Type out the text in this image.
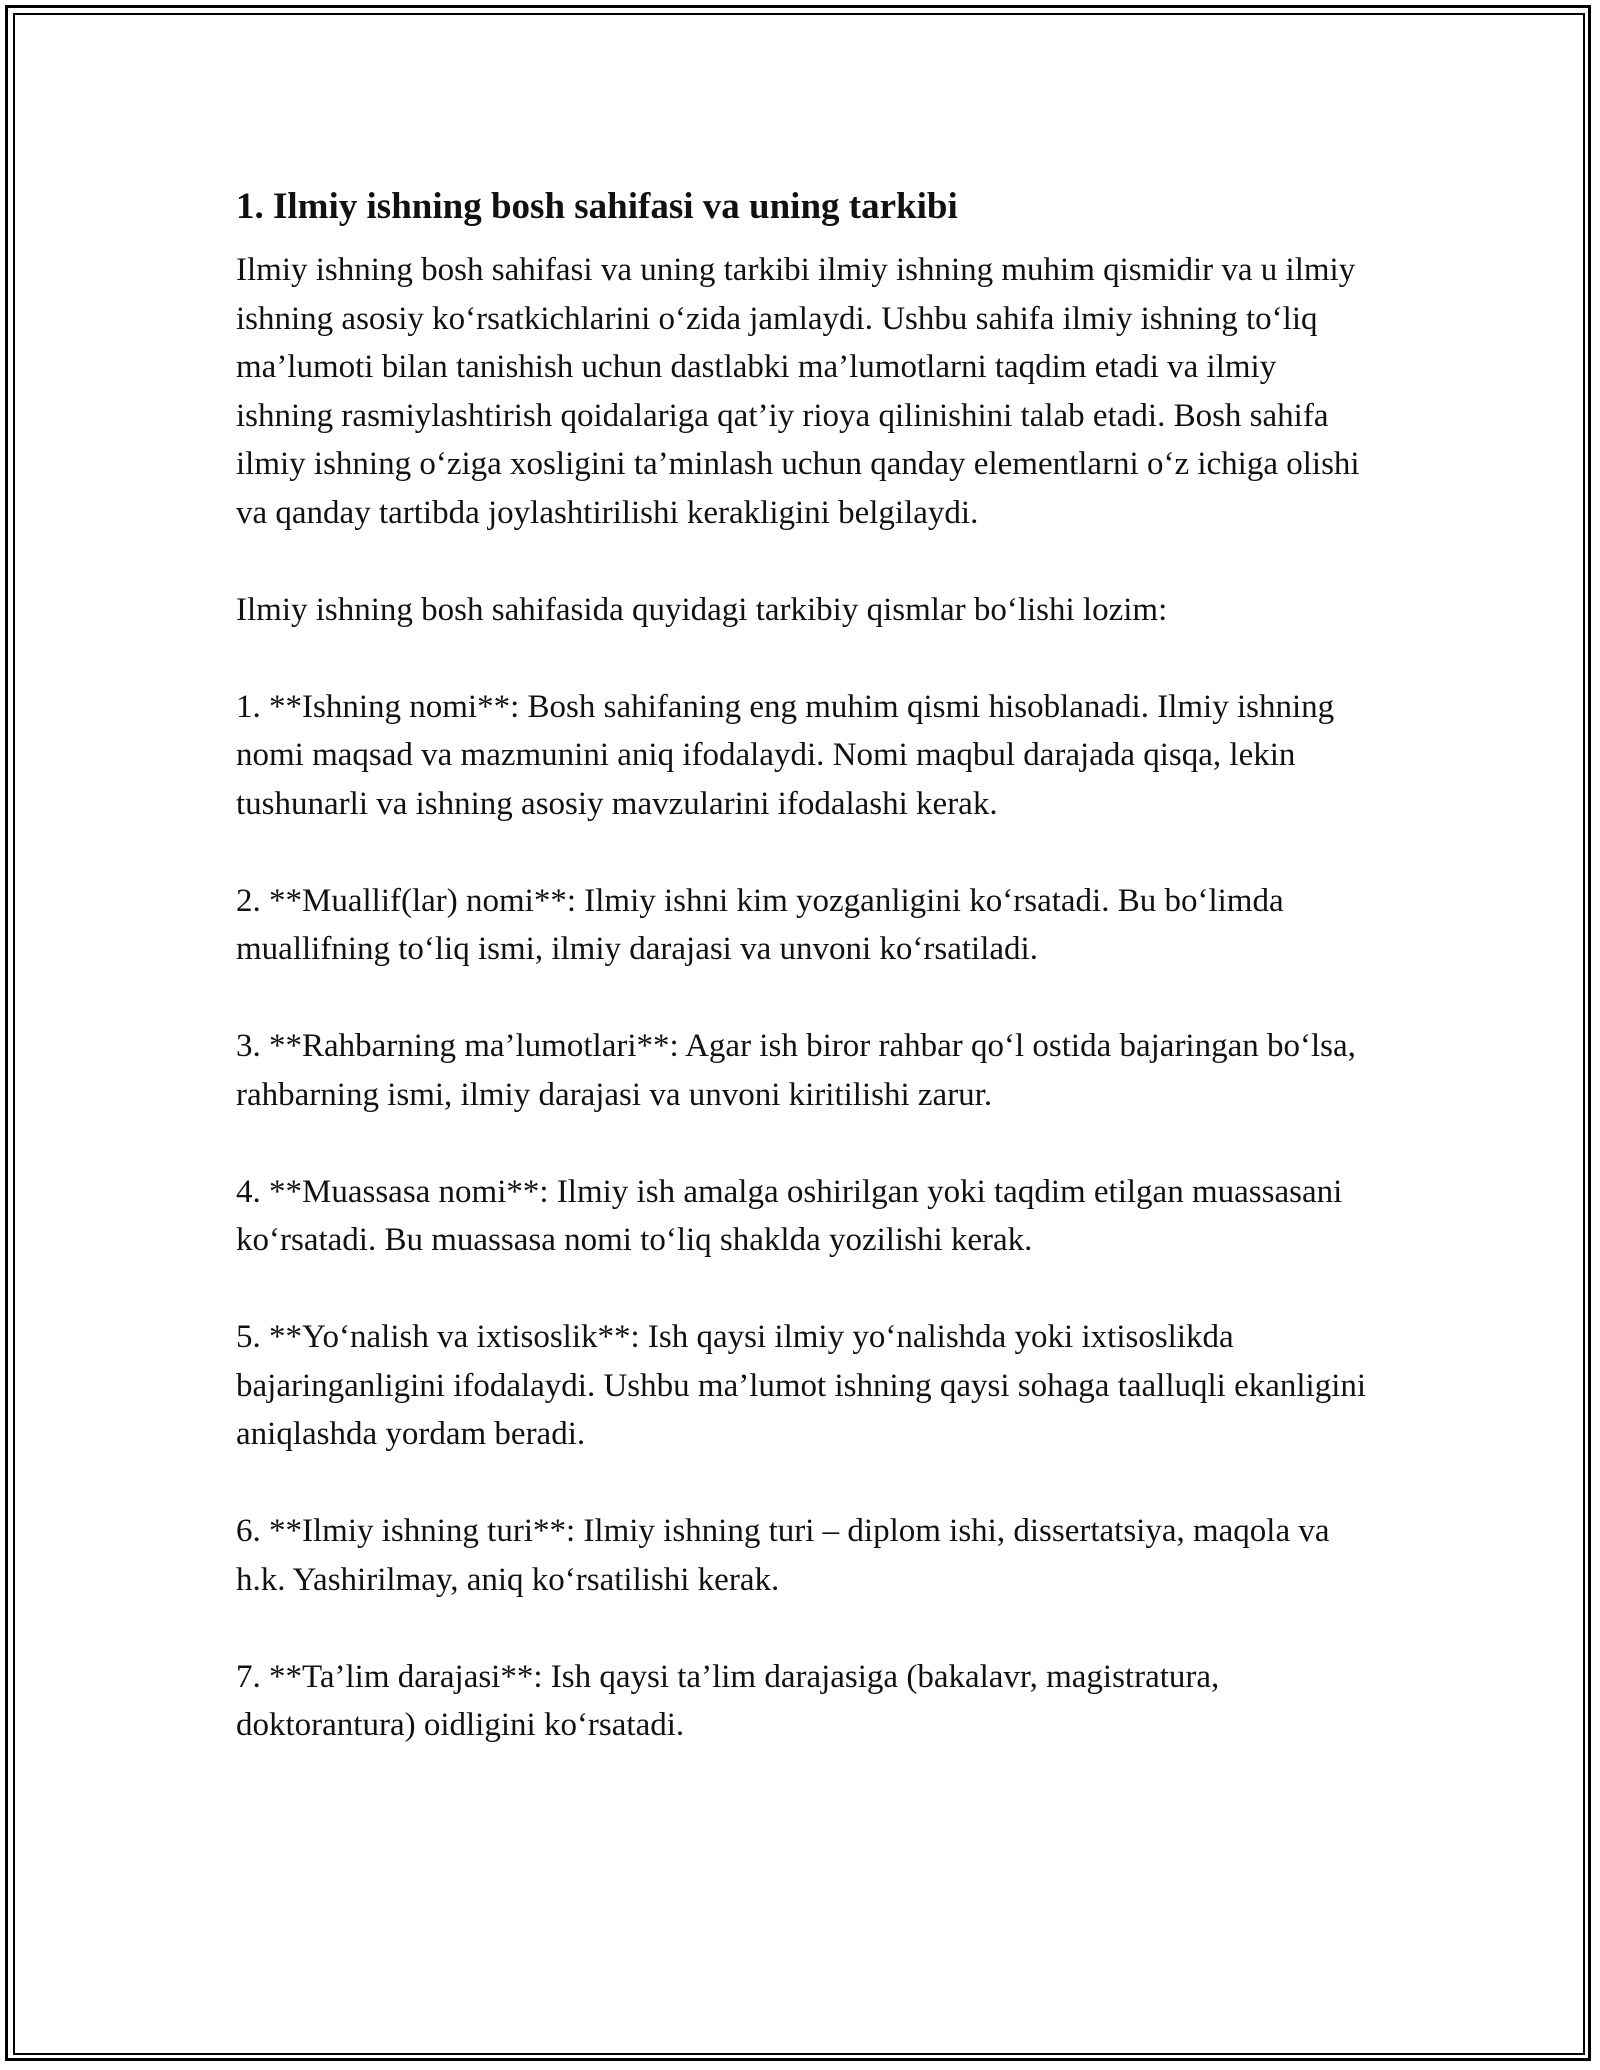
1. Ilmiy ishning bosh sahifasi va uning tarkibi

Ilmiy ishning bosh sahifasi va uning tarkibi ilmiy ishning muhim qismidir va u ilmiy ishning asosiy ko‘rsatkichlarini o‘zida jamlaydi. Ushbu sahifa ilmiy ishning to‘liq ma’lumoti bilan tanishish uchun dastlabki ma’lumotlarni taqdim etadi va ilmiy ishning rasmiylashtirish qoidalariga qat’iy rioya qilinishini talab etadi. Bosh sahifa ilmiy ishning o‘ziga xosligini ta’minlash uchun qanday elementlarni o‘z ichiga olishi va qanday tartibda joylashtirilishi kerakligini belgilaydi.

Ilmiy ishning bosh sahifasida quyidagi tarkibiy qismlar bo‘lishi lozim:

1. **Ishning nomi**: Bosh sahifaning eng muhim qismi hisoblanadi. Ilmiy ishning nomi maqsad va mazmunini aniq ifodalaydi. Nomi maqbul darajada qisqa, lekin tushunarli va ishning asosiy mavzularini ifodalashi kerak.

2. **Muallif(lar) nomi**: Ilmiy ishni kim yozganligini ko‘rsatadi. Bu bo‘limda muallifning to‘liq ismi, ilmiy darajasi va unvoni ko‘rsatiladi.

3. **Rahbarning ma’lumotlari**: Agar ish biror rahbar qo‘l ostida bajaringan bo‘lsa, rahbarning ismi, ilmiy darajasi va unvoni kiritilishi zarur.

4. **Muassasa nomi**: Ilmiy ish amalga oshirilgan yoki taqdim etilgan muassasani ko‘rsatadi. Bu muassasa nomi to‘liq shaklda yozilishi kerak.

5. **Yo‘nalish va ixtisoslik**: Ish qaysi ilmiy yo‘nalishda yoki ixtisoslikda bajaringanligini ifodalaydi. Ushbu ma’lumot ishning qaysi sohaga taalluqli ekanligini aniqlashda yordam beradi.

6. **Ilmiy ishning turi**: Ilmiy ishning turi – diplom ishi, dissertatsiya, maqola va h.k. Yashirilmay, aniq ko‘rsatilishi kerak.

7. **Ta’lim darajasi**: Ish qaysi ta’lim darajasiga (bakalavr, magistratura, doktorantura) oidligini ko‘rsatadi.
